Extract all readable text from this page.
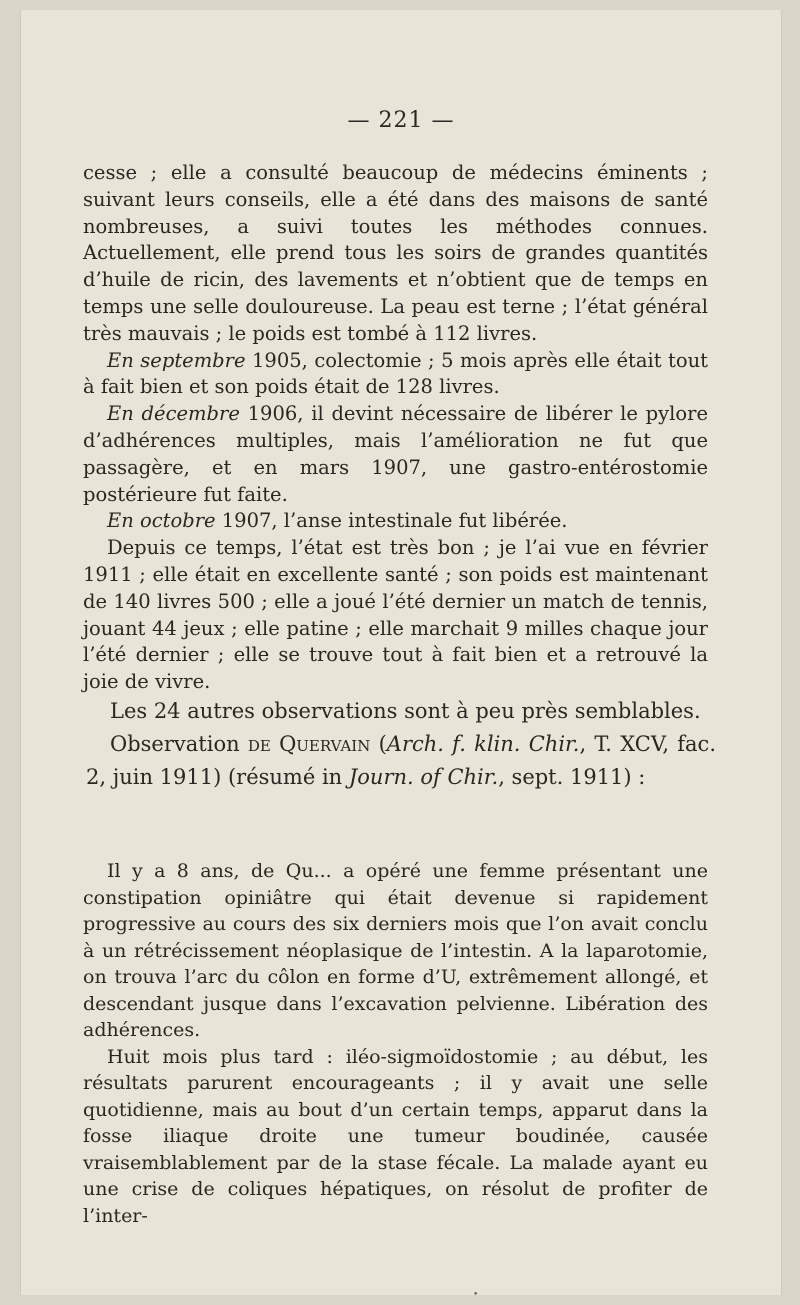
— 221 —

cesse ; elle a consulté beaucoup de médecins éminents ; suivant leurs conseils, elle a été dans des maisons de santé nombreuses, a suivi toutes les méthodes connues. Actuellement, elle prend tous les soirs de grandes quantités d’huile de ricin, des lavements et n’obtient que de temps en temps une selle douloureuse. La peau est terne ; l’état général très mauvais ; le poids est tombé à 112 livres.

En septembre 1905, colectomie ; 5 mois après elle était tout à fait bien et son poids était de 128 livres.

En décembre 1906, il devint nécessaire de libérer le pylore d’adhérences multiples, mais l’amélioration ne fut que passagère, et en mars 1907, une gastro-entérostomie postérieure fut faite.

En octobre 1907, l’anse intestinale fut libérée.

Depuis ce temps, l’état est très bon ; je l’ai vue en février 1911 ; elle était en excellente santé ; son poids est maintenant de 140 livres 500 ; elle a joué l’été dernier un match de tennis, jouant 44 jeux ; elle patine ; elle marchait 9 milles chaque jour l’été dernier ; elle se trouve tout à fait bien et a retrouvé la joie de vivre.

Les 24 autres observations sont à peu près semblables.

Observation de Quervain (Arch. f. klin. Chir., T. XCV, fac. 2, juin 1911) (résumé in Journ. of Chir., sept. 1911) :

Il y a 8 ans, de Qu... a opéré une femme présentant une constipation opiniâtre qui était devenue si rapidement progressive au cours des six derniers mois que l’on avait conclu à un rétrécissement néoplasique de l’intestin. A la laparotomie, on trouva l’arc du côlon en forme d’U, extrêmement allongé, et descendant jusque dans l’excavation pelvienne. Libération des adhérences.

Huit mois plus tard : iléo-sigmoïdostomie ; au début, les résultats parurent encourageants ; il y avait une selle quotidienne, mais au bout d’un certain temps, apparut dans la fosse iliaque droite une tumeur boudinée, causée vraisemblablement par de la stase fécale. La malade ayant eu une crise de coliques hépatiques, on résolut de profiter de l’inter-

•
